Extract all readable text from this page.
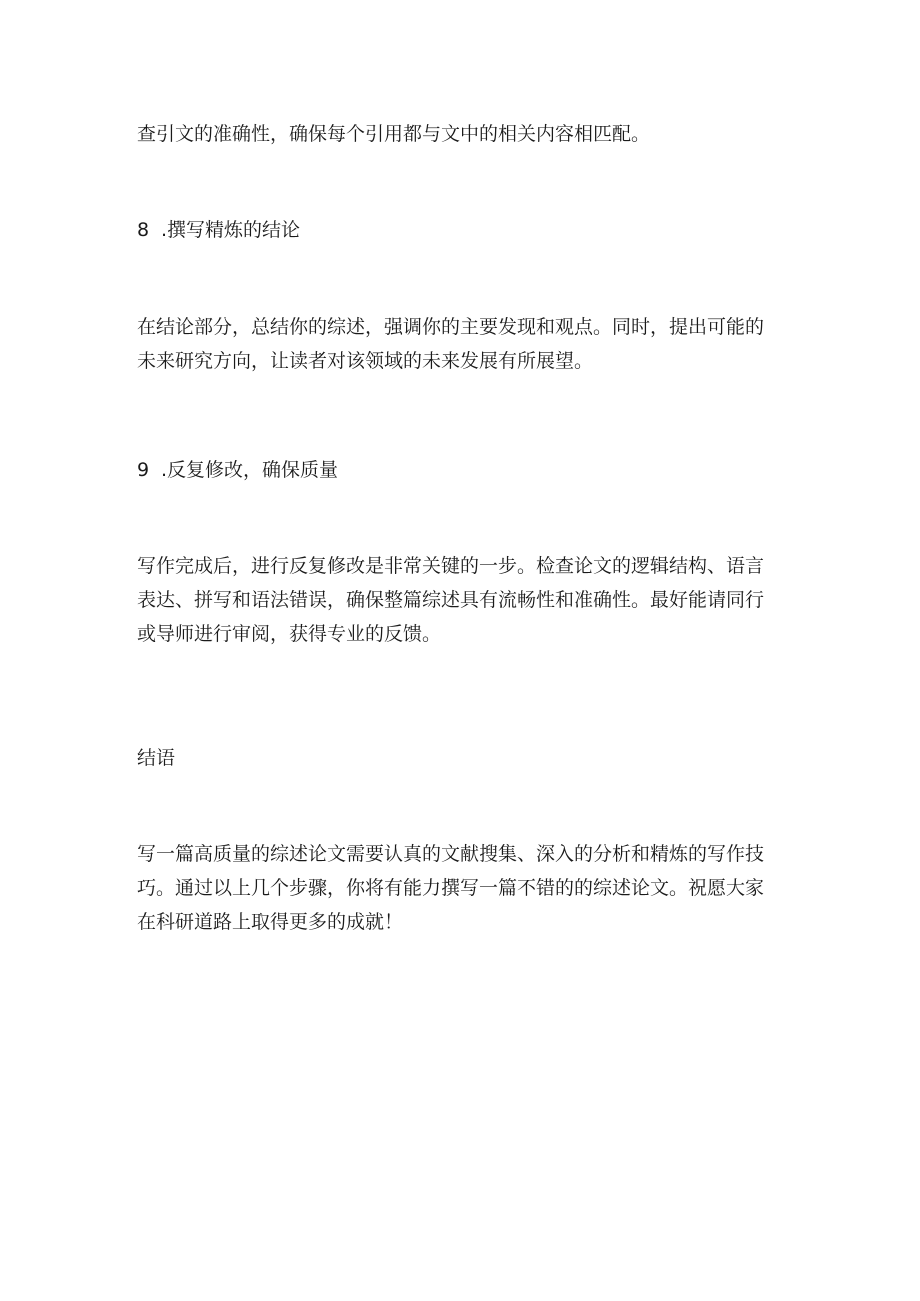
查引文的准确性，确保每个引用都与文中的相关内容相匹配。

8 .撰写精炼的结论

在结论部分，总结你的综述，强调你的主要发现和观点。同时，提出可能的未来研究方向，让读者对该领域的未来发展有所展望。

9 .反复修改，确保质量

写作完成后，进行反复修改是非常关键的一步。检查论文的逻辑结构、语言表达、拼写和语法错误，确保整篇综述具有流畅性和准确性。最好能请同行或导师进行审阅，获得专业的反馈。

结语

写一篇高质量的综述论文需要认真的文献搜集、深入的分析和精炼的写作技巧。通过以上几个步骤，你将有能力撰写一篇不错的的综述论文。祝愿大家在科研道路上取得更多的成就！
